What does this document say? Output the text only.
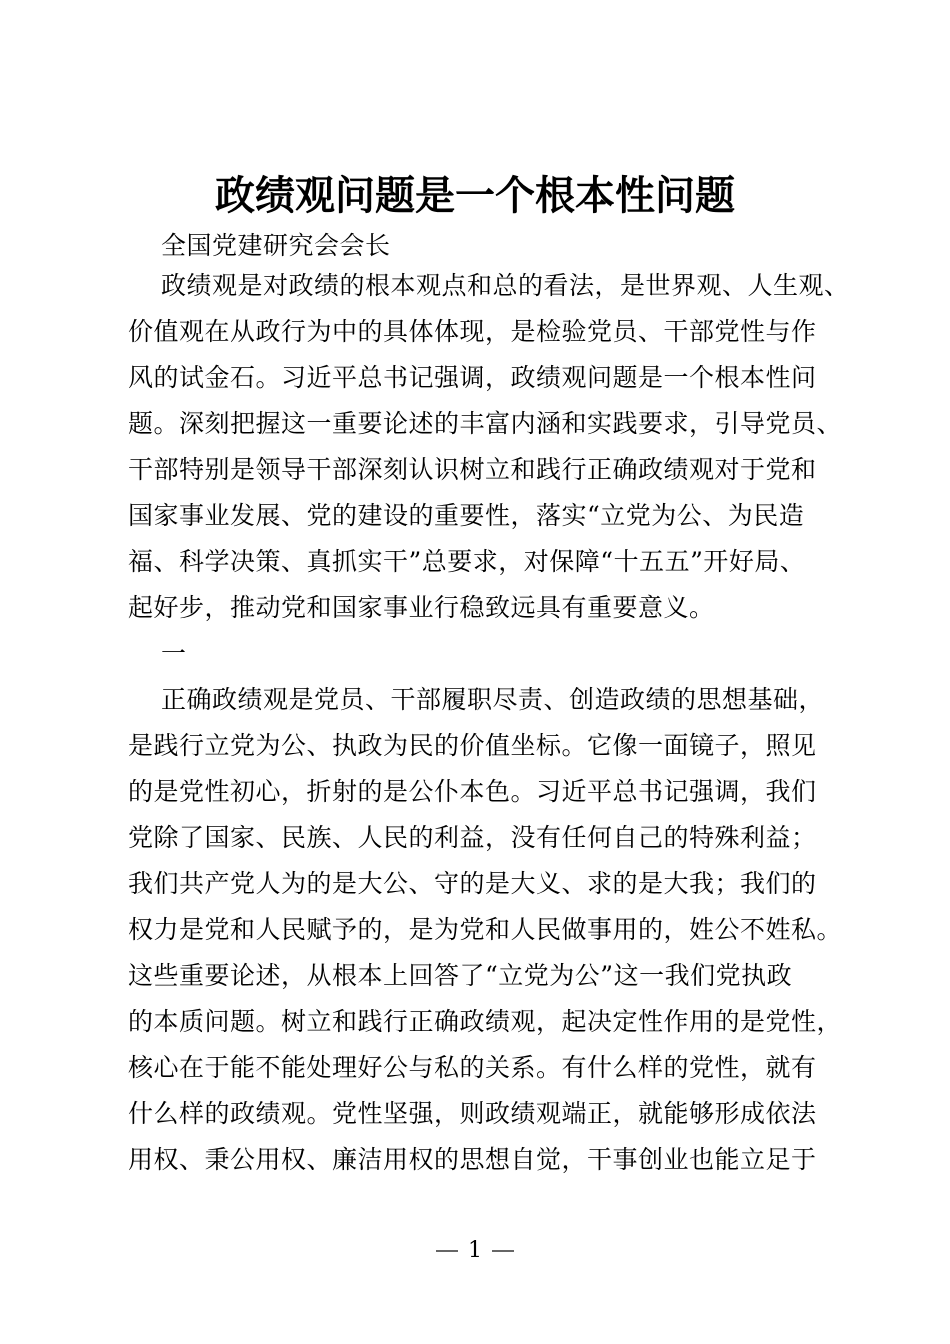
政绩观问题是一个根本性问题
全国党建研究会会长
政绩观是对政绩的根本观点和总的看法，是世界观、人生观、
价值观在从政行为中的具体体现，是检验党员、干部党性与作
风的试金石。习近平总书记强调，政绩观问题是一个根本性问
题。深刻把握这一重要论述的丰富内涵和实践要求，引导党员、
干部特别是领导干部深刻认识树立和践行正确政绩观对于党和
国家事业发展、党的建设的重要性，落实“立党为公、为民造
福、科学决策、真抓实干”总要求，对保障“十五五”开好局、
起好步，推动党和国家事业行稳致远具有重要意义。
一
正确政绩观是党员、干部履职尽责、创造政绩的思想基础，
是践行立党为公、执政为民的价值坐标。它像一面镜子，照见
的是党性初心，折射的是公仆本色。习近平总书记强调，我们
党除了国家、民族、人民的利益，没有任何自己的特殊利益；
我们共产党人为的是大公、守的是大义、求的是大我；我们的
权力是党和人民赋予的，是为党和人民做事用的，姓公不姓私。
这些重要论述，从根本上回答了“立党为公”这一我们党执政
的本质问题。树立和践行正确政绩观，起决定性作用的是党性，
核心在于能不能处理好公与私的关系。有什么样的党性，就有
什么样的政绩观。党性坚强，则政绩观端正，就能够形成依法
用权、秉公用权、廉洁用权的思想自觉，干事创业也能立足于
1
